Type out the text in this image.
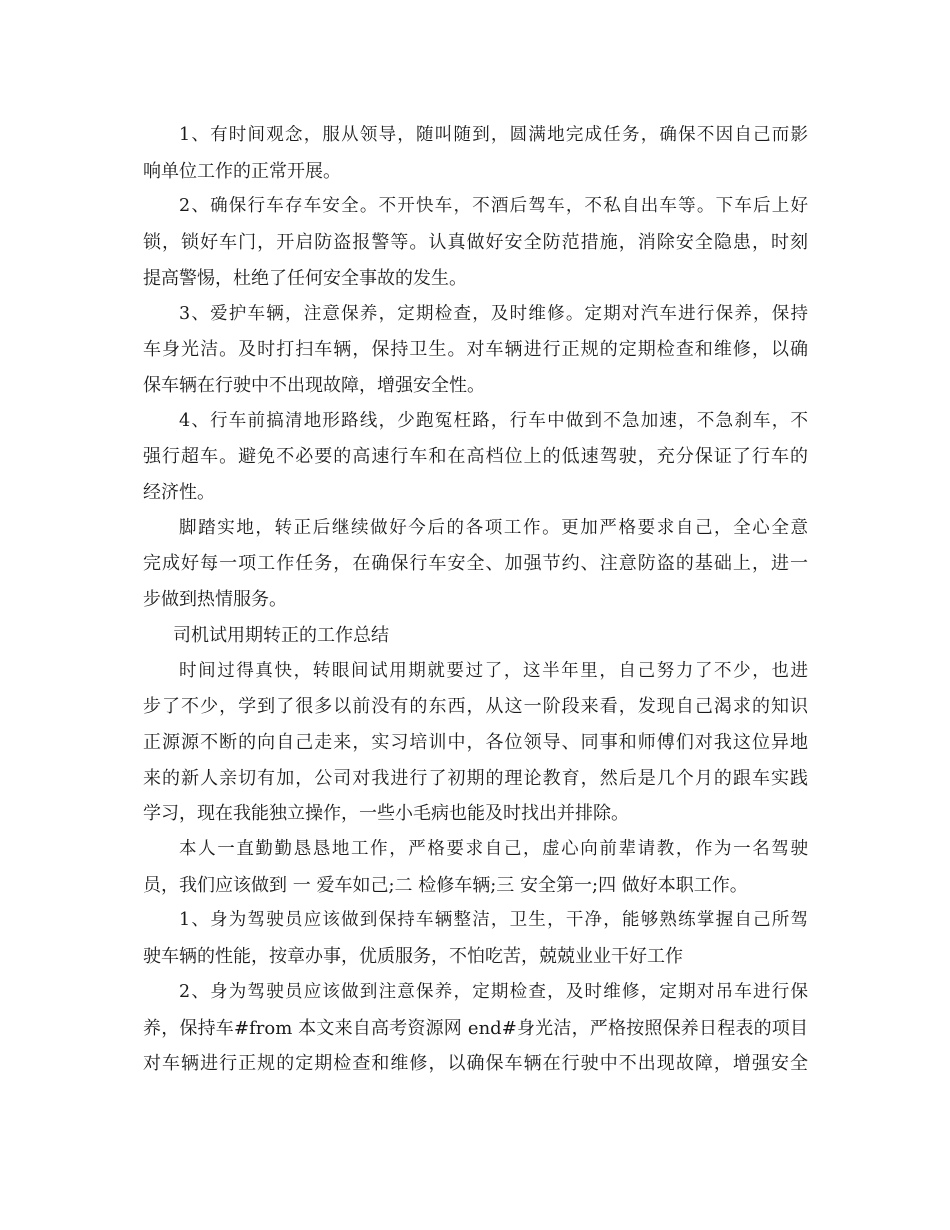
1、有时间观念，服从领导，随叫随到，圆满地完成任务，确保不因自己而影
响单位工作的正常开展。
2、确保行车存车安全。不开快车，不酒后驾车，不私自出车等。下车后上好
锁，锁好车门，开启防盗报警等。认真做好安全防范措施，消除安全隐患，时刻
提高警惕，杜绝了任何安全事故的发生。
3、爱护车辆，注意保养，定期检查，及时维修。定期对汽车进行保养，保持
车身光洁。及时打扫车辆，保持卫生。对车辆进行正规的定期检查和维修，以确
保车辆在行驶中不出现故障，增强安全性。
4、行车前搞清地形路线，少跑冤枉路，行车中做到不急加速，不急刹车，不
强行超车。避免不必要的高速行车和在高档位上的低速驾驶，充分保证了行车的
经济性。
脚踏实地，转正后继续做好今后的各项工作。更加严格要求自己，全心全意
完成好每一项工作任务，在确保行车安全、加强节约、注意防盗的基础上，进一
步做到热情服务。
司机试用期转正的工作总结
时间过得真快，转眼间试用期就要过了，这半年里，自己努力了不少，也进
步了不少，学到了很多以前没有的东西，从这一阶段来看，发现自己渴求的知识
正源源不断的向自己走来，实习培训中，各位领导、同事和师傅们对我这位异地
来的新人亲切有加，公司对我进行了初期的理论教育，然后是几个月的跟车实践
学习，现在我能独立操作，一些小毛病也能及时找出并排除。
本人一直勤勤恳恳地工作，严格要求自己，虚心向前辈请教，作为一名驾驶
员，我们应该做到 一 爱车如己;二 检修车辆;三 安全第一;四 做好本职工作。
1、身为驾驶员应该做到保持车辆整洁，卫生，干净，能够熟练掌握自己所驾
驶车辆的性能，按章办事，优质服务，不怕吃苦，兢兢业业干好工作
2、身为驾驶员应该做到注意保养，定期检查，及时维修，定期对吊车进行保
养，保持车#from 本文来自高考资源网 end#身光洁，严格按照保养日程表的项目
对车辆进行正规的定期检查和维修，以确保车辆在行驶中不出现故障，增强安全
